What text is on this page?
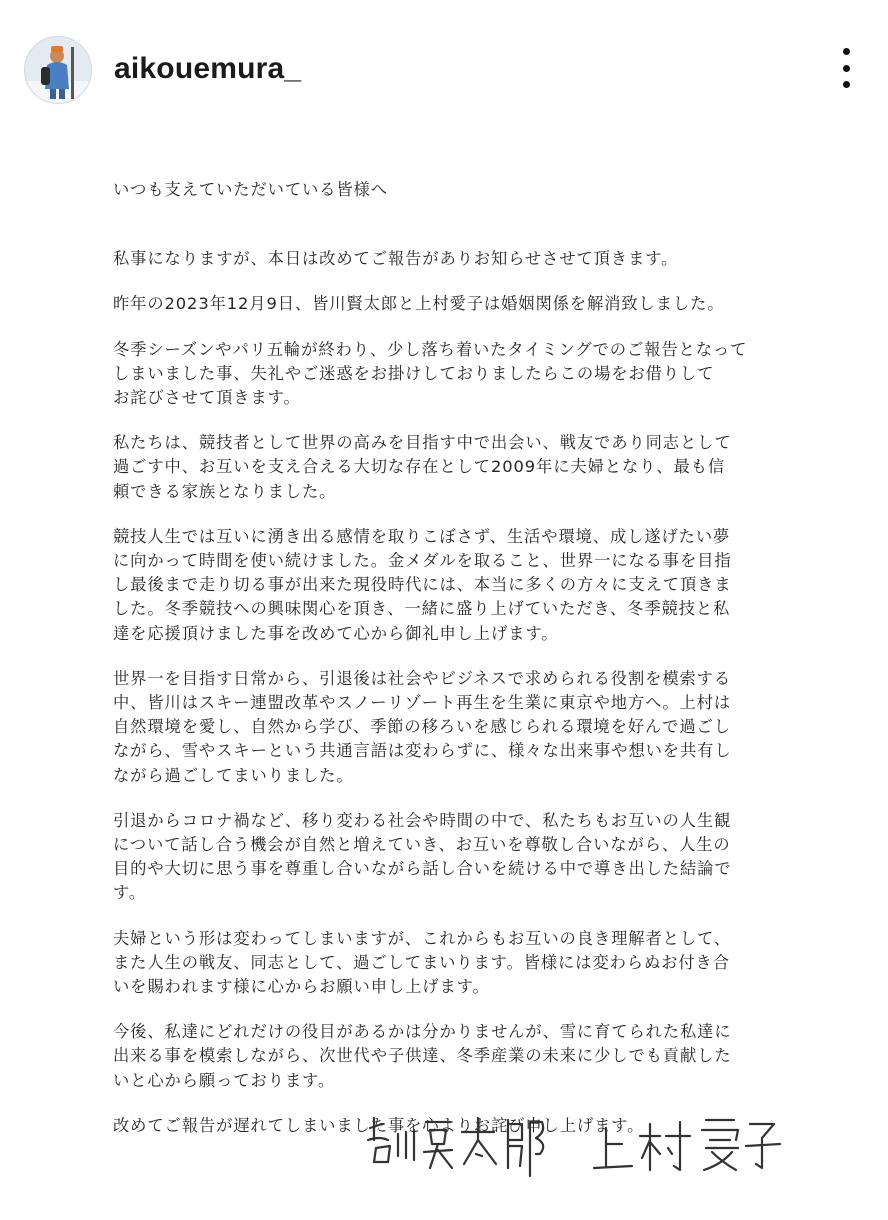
aikouemura_

いつも支えていただいている皆様へ

私事になりますが、本日は改めてご報告がありお知らせさせて頂きます。

昨年の2023年12月9日、皆川賢太郎と上村愛子は婚姻関係を解消致しました。

冬季シーズンやパリ五輪が終わり、少し落ち着いたタイミングでのご報告となって
しまいました事、失礼やご迷惑をお掛けしておりましたらこの場をお借りして
お詫びさせて頂きます。

私たちは、競技者として世界の高みを目指す中で出会い、戦友であり同志として
過ごす中、お互いを支え合える大切な存在として2009年に夫婦となり、最も信
頼できる家族となりました。

競技人生では互いに湧き出る感情を取りこぼさず、生活や環境、成し遂げたい夢
に向かって時間を使い続けました。金メダルを取ること、世界一になる事を目指
し最後まで走り切る事が出来た現役時代には、本当に多くの方々に支えて頂きま
した。冬季競技への興味関心を頂き、一緒に盛り上げていただき、冬季競技と私
達を応援頂けました事を改めて心から御礼申し上げます。

世界一を目指す日常から、引退後は社会やビジネスで求められる役割を模索する
中、皆川はスキー連盟改革やスノーリゾート再生を生業に東京や地方へ。上村は
自然環境を愛し、自然から学び、季節の移ろいを感じられる環境を好んで過ごし
ながら、雪やスキーという共通言語は変わらずに、様々な出来事や想いを共有し
ながら過ごしてまいりました。

引退からコロナ禍など、移り変わる社会や時間の中で、私たちもお互いの人生観
について話し合う機会が自然と増えていき、お互いを尊敬し合いながら、人生の
目的や大切に思う事を尊重し合いながら話し合いを続ける中で導き出した結論で
す。

夫婦という形は変わってしまいますが、これからもお互いの良き理解者として、
また人生の戦友、同志として、過ごしてまいります。皆様には変わらぬお付き合
いを賜われます様に心からお願い申し上げます。

今後、私達にどれだけの役目があるかは分かりませんが、雪に育てられた私達に
出来る事を模索しながら、次世代や子供達、冬季産業の未来に少しでも貢献した
いと心から願っております。

改めてご報告が遅れてしまいました事を心よりお詫び申し上げます。
